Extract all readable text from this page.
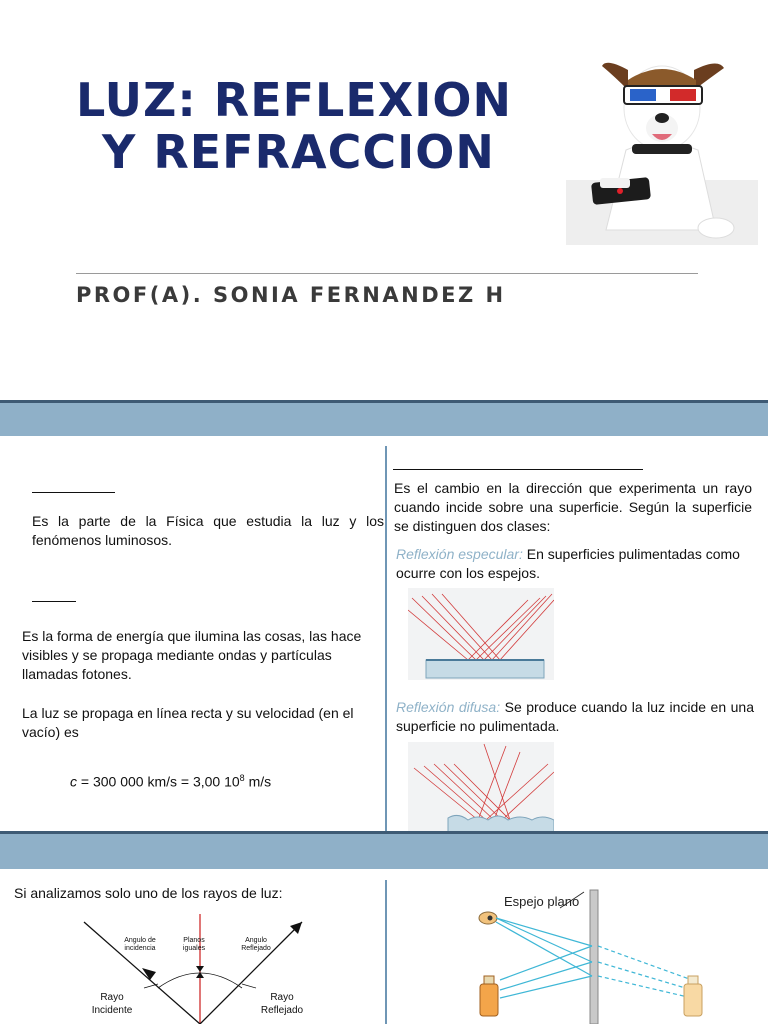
LUZ: REFLEXION
Y REFRACCION
PROF(A). SONIA FERNANDEZ H
Es la parte de la Física que estudia la luz y los fenómenos luminosos.
Es la forma de energía que ilumina las cosas, las hace visibles y se propaga mediante ondas y partículas llamadas fotones.
La luz se propaga en línea recta y su velocidad (en el vacío) es
c = 300 000 km/s = 3,00 $10^8$ m/s
Es el cambio en la dirección que experimenta un rayo cuando incide sobre una superficie. Según la superficie se distinguen dos clases:
Reflexión especular: En superficies pulimentadas como ocurre con los espejos.
Reflexión difusa: Se produce cuando la luz incide en una superficie no pulimentada.
Si analizamos solo uno de los rayos de luz:
Angulo de
incidencia
Planos
iguales
Angulo
Reflejado
Rayo
Incidente
Rayo
Reflejado
Espejo plano
